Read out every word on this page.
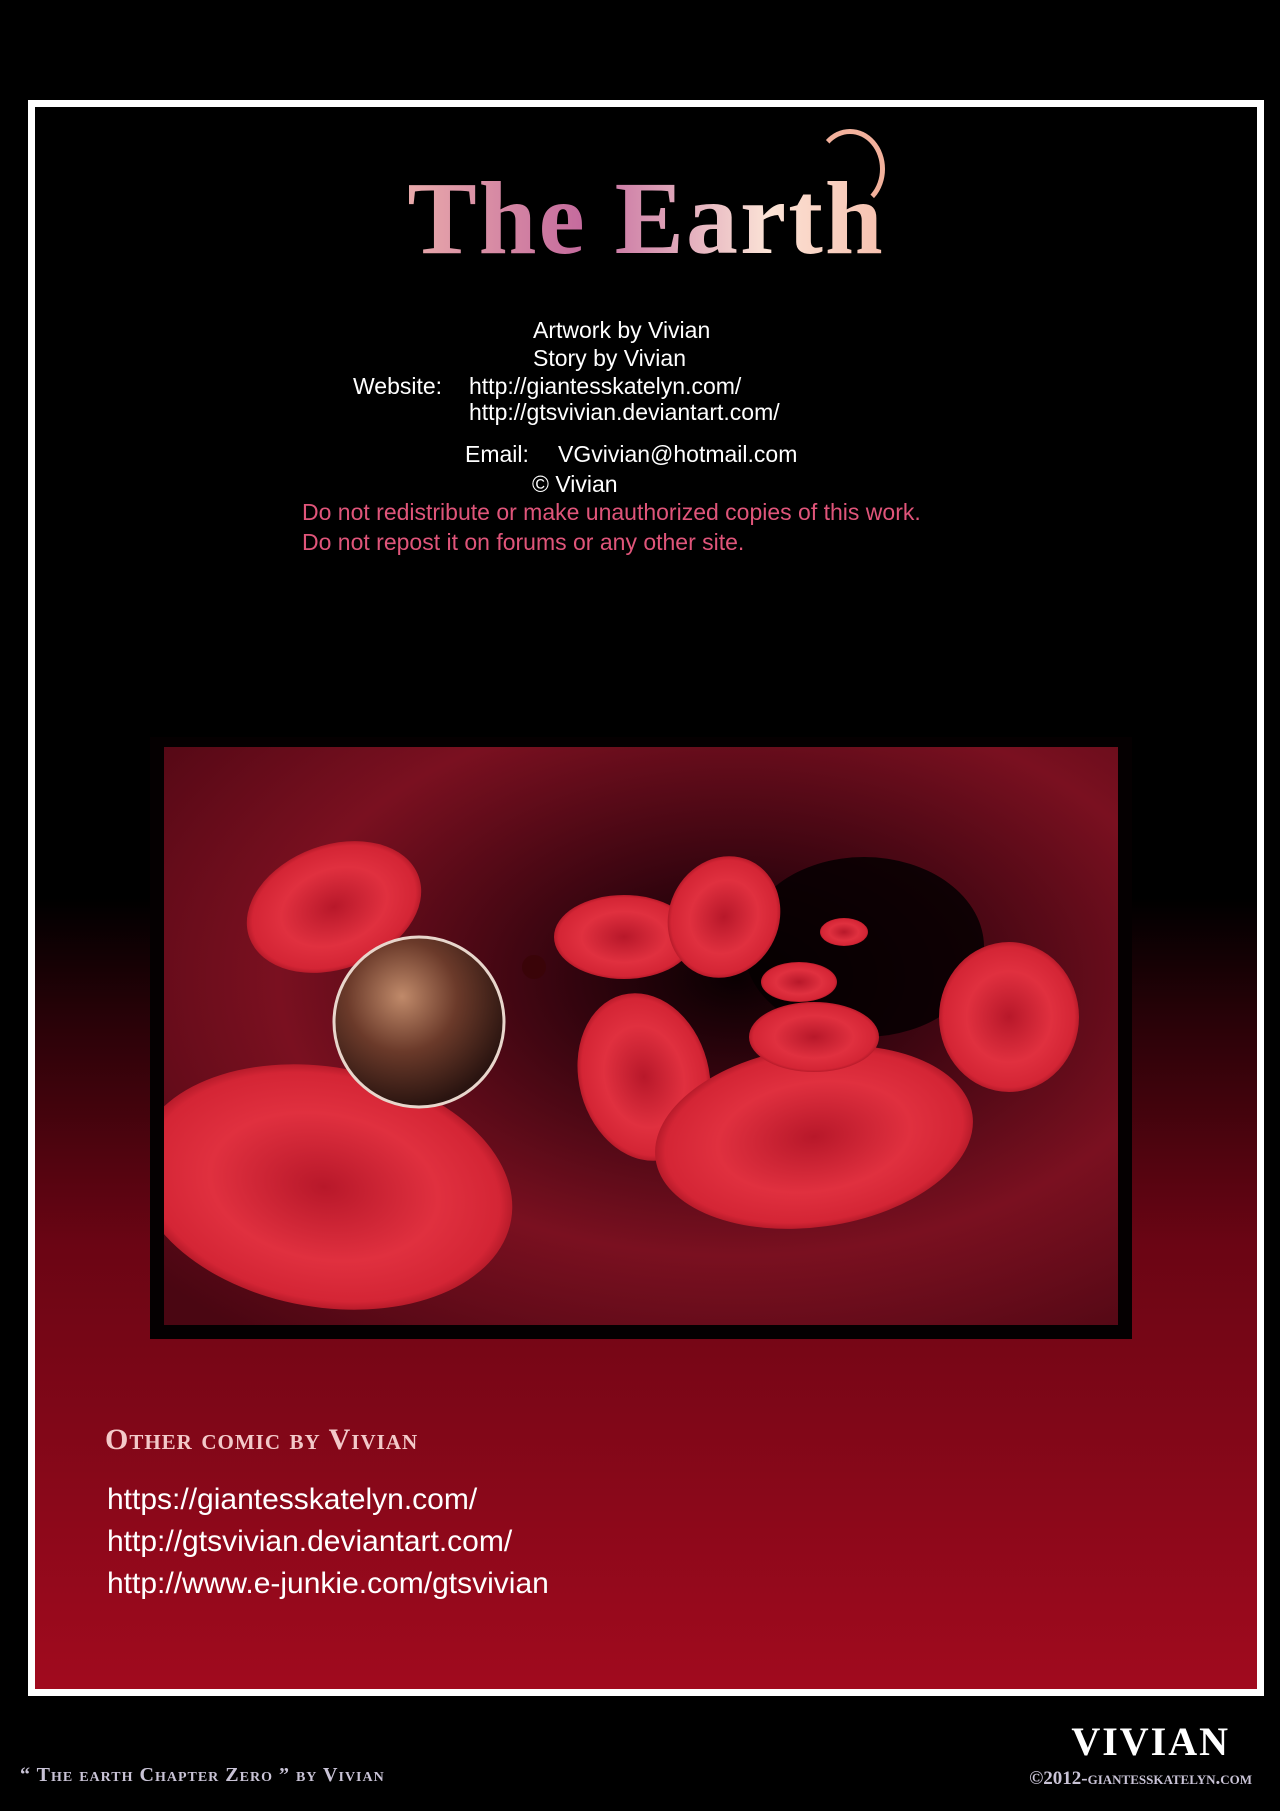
The Earth
Artwork by Vivian
Story by Vivian
Website: http://giantesskatelyn.com/
http://gtsvivian.deviantart.com/
Email: VGvivian@hotmail.com
© Vivian
Do not redistribute or make unauthorized copies of this work.
Do not repost it on forums or any other site.
Other comic by Vivian
https://giantesskatelyn.com/
http://gtsvivian.deviantart.com/
http://www.e-junkie.com/gtsvivian
“ The earth Chapter Zero ” by Vivian
VIVIAN
©2012-giantesskatelyn.com
